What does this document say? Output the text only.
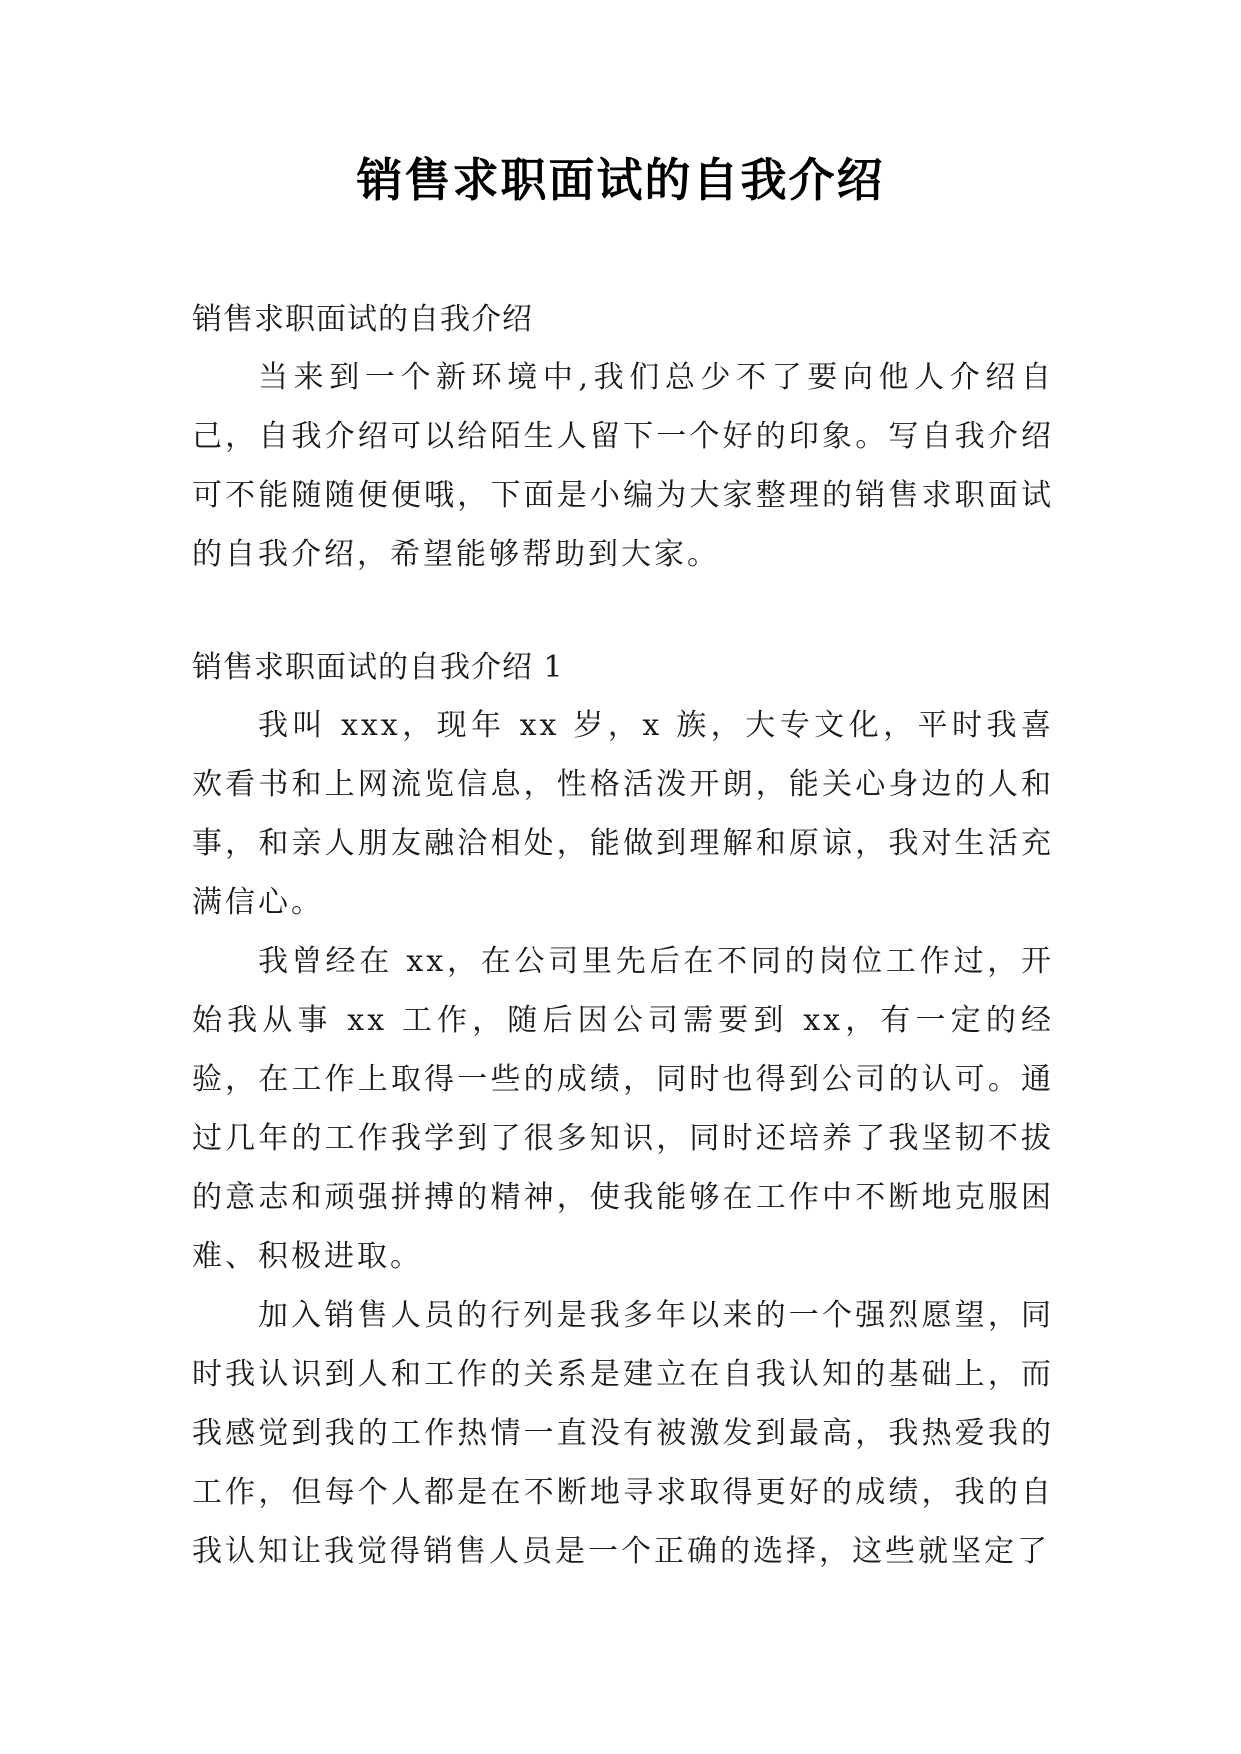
销售求职面试的自我介绍

销售求职面试的自我介绍

当来到一个新环境中,我们总少不了要向他人介绍自己，自我介绍可以给陌生人留下一个好的印象。写自我介绍可不能随随便便哦，下面是小编为大家整理的销售求职面试的自我介绍，希望能够帮助到大家。

销售求职面试的自我介绍 1

我叫 xxx，现年 xx 岁，x 族，大专文化，平时我喜欢看书和上网流览信息，性格活泼开朗，能关心身边的人和事，和亲人朋友融洽相处，能做到理解和原谅，我对生活充满信心。

我曾经在 xx，在公司里先后在不同的岗位工作过，开始我从事 xx 工作，随后因公司需要到 xx，有一定的经验，在工作上取得一些的成绩，同时也得到公司的认可。通过几年的工作我学到了很多知识，同时还培养了我坚韧不拔的意志和顽强拼搏的精神，使我能够在工作中不断地克服困难、积极进取。

加入销售人员的行列是我多年以来的一个强烈愿望，同时我认识到人和工作的关系是建立在自我认知的基础上，而我感觉到我的工作热情一直没有被激发到最高，我热爱我的工作，但每个人都是在不断地寻求取得更好的成绩，我的自我认知让我觉得销售人员是一个正确的选择，这些就坚定了
